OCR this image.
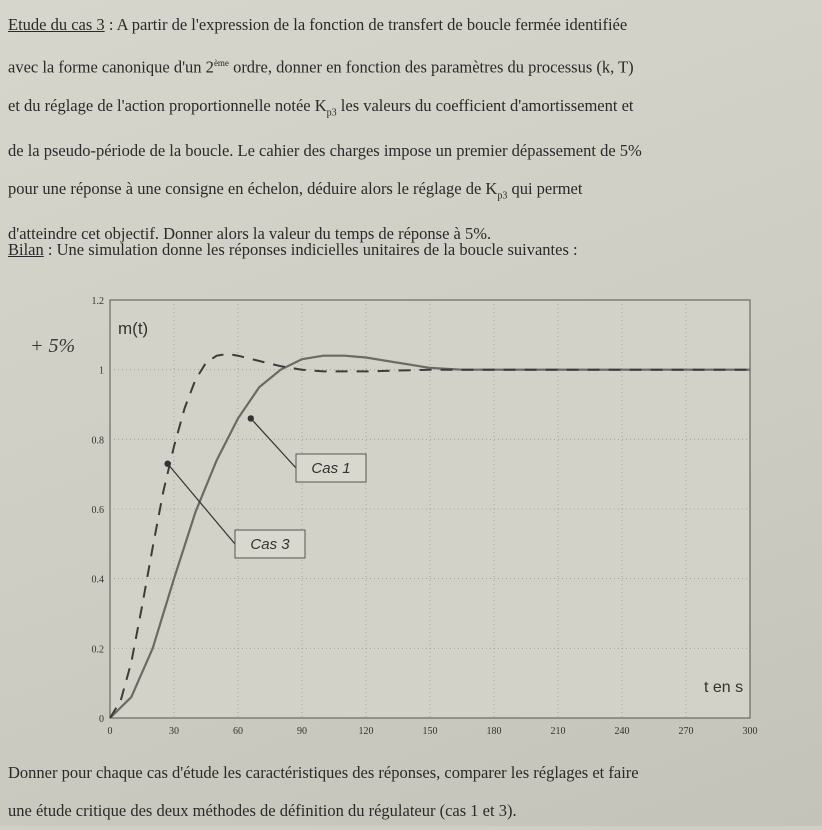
Etude du cas 3 : A partir de l'expression de la fonction de transfert de boucle fermée identifiée
avec la forme canonique d'un 2ème ordre, donner en fonction des paramètres du processus (k, T)
et du réglage de l'action proportionnelle notée $K_{p3}$ les valeurs du coefficient d'amortissement et
de la pseudo-période de la boucle. Le cahier des charges impose un premier dépassement de 5%
pour une réponse à une consigne en échelon, déduire alors le réglage de $K_{p3}$ qui permet
d'atteindre cet objectif. Donner alors la valeur du temps de réponse à 5%.
Bilan : Une simulation donne les réponses indicielles unitaires de la boucle suivantes :
0	30	60	90	120	150	180	210	240	270	300
0
0.2
0.4
0.6
0.8
1
1.2
Cas 1
Cas 3
m(t)
t en s
+ 5%
Donner pour chaque cas d'étude les caractéristiques des réponses, comparer les réglages et faire
une étude critique des deux méthodes de définition du régulateur (cas 1 et 3).
